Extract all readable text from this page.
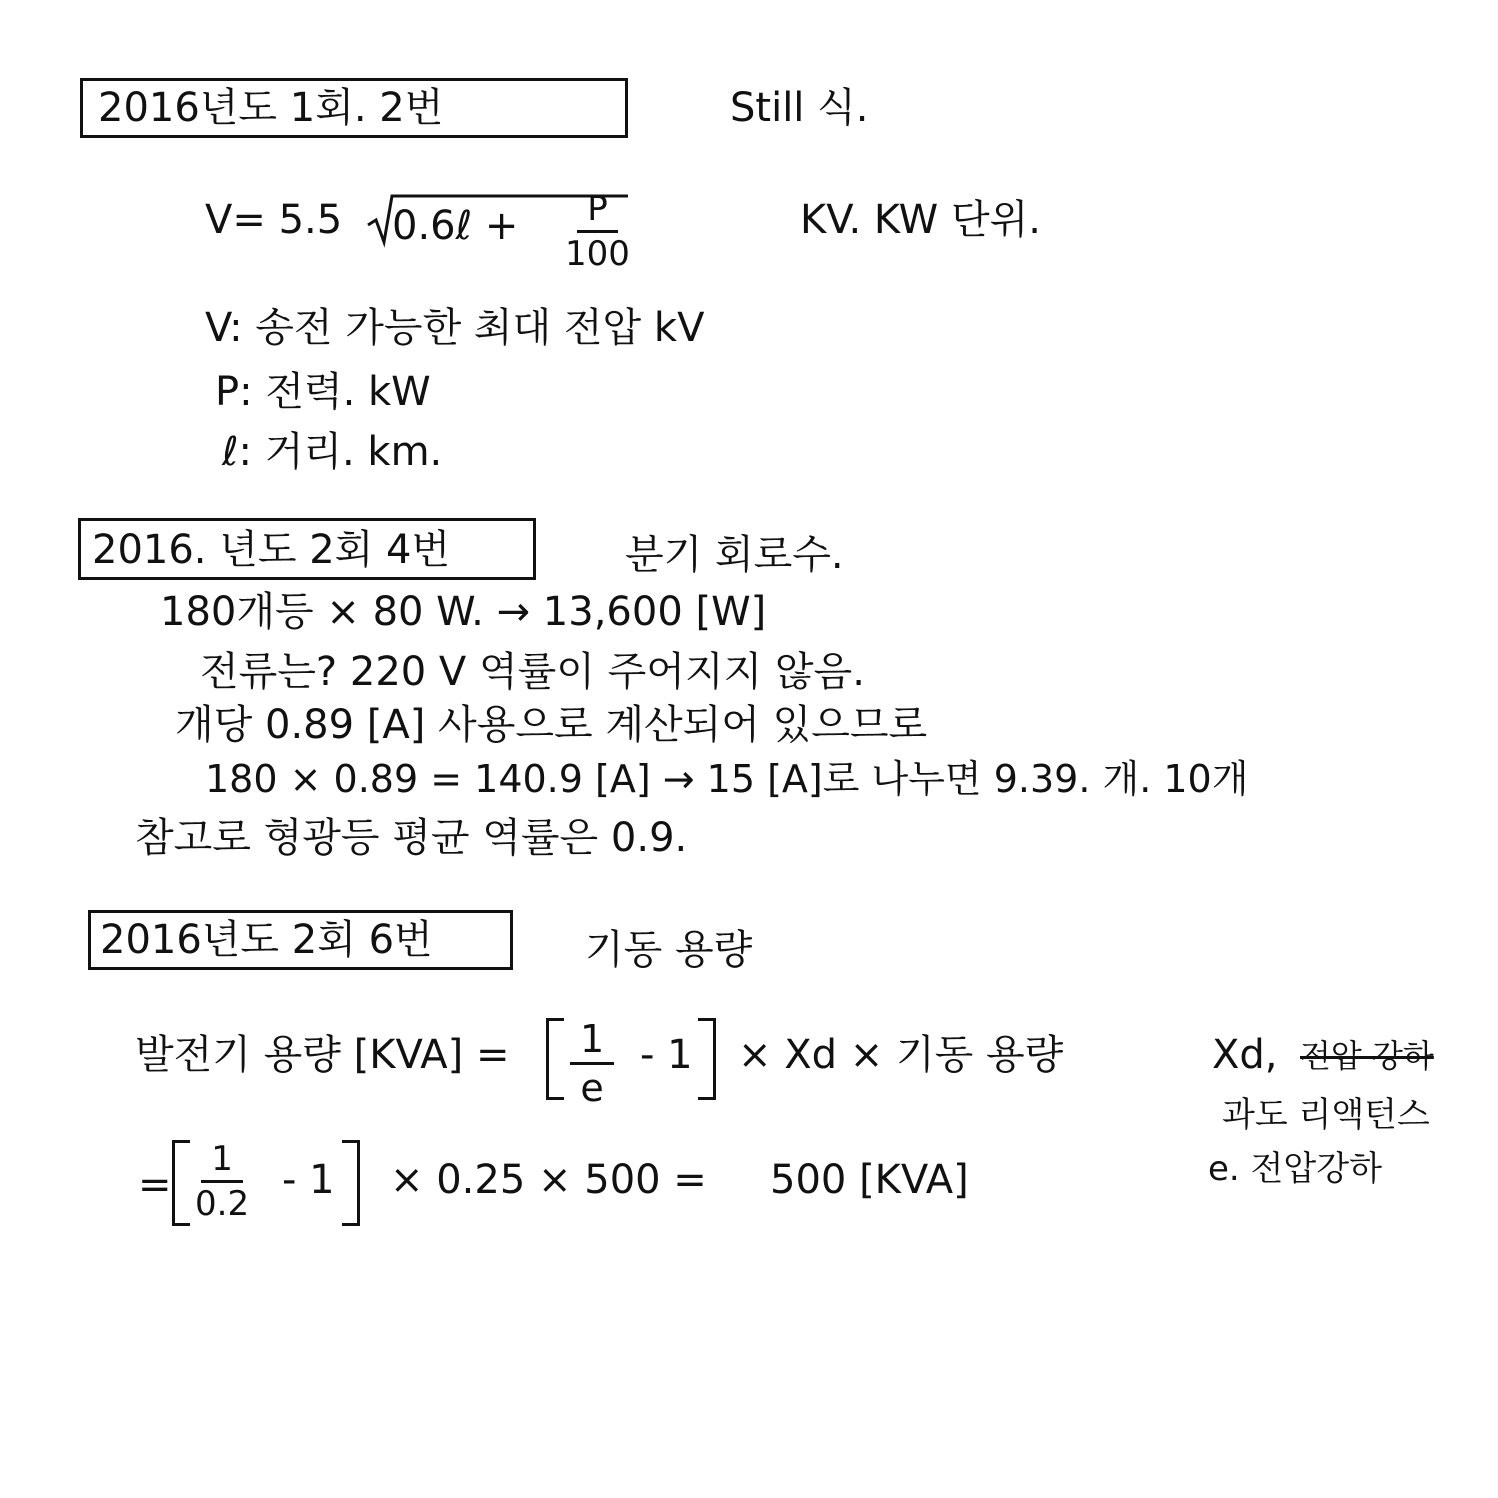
2016년도 1회. 2번	Still 식.
V= 5.5 0.6ℓ + $\frac{P}{100}$	KV. KW 단위.
V: 송전 가능한 최대 전압 kV
P: 전력. kW
ℓ: 거리. km.
2016. 년도 2회 4번	분기 회로수.
180개등 × 80 W. → 13,600 [W]
전류는? 220 V 역률이 주어지지 않음.
개당 0.89 [A] 사용으로 계산되어 있으므로
180 × 0.89 = 140.9 [A] → 15 [A]로 나누면 9.39. 개. 10개
참고로 형광등 평균 역률은 0.9.
2016년도 2회 6번	기동 용량
발전기 용량 $[KVA] = \frac{1}{e} - 1 \times Xd$ × 기동 용량
= $\frac{1}{0.2} - 1 \times 0.25 \times 500 = 500$ [KVA]
Xd, 전압 강하
과도 리액턴스
e. 전압강하
